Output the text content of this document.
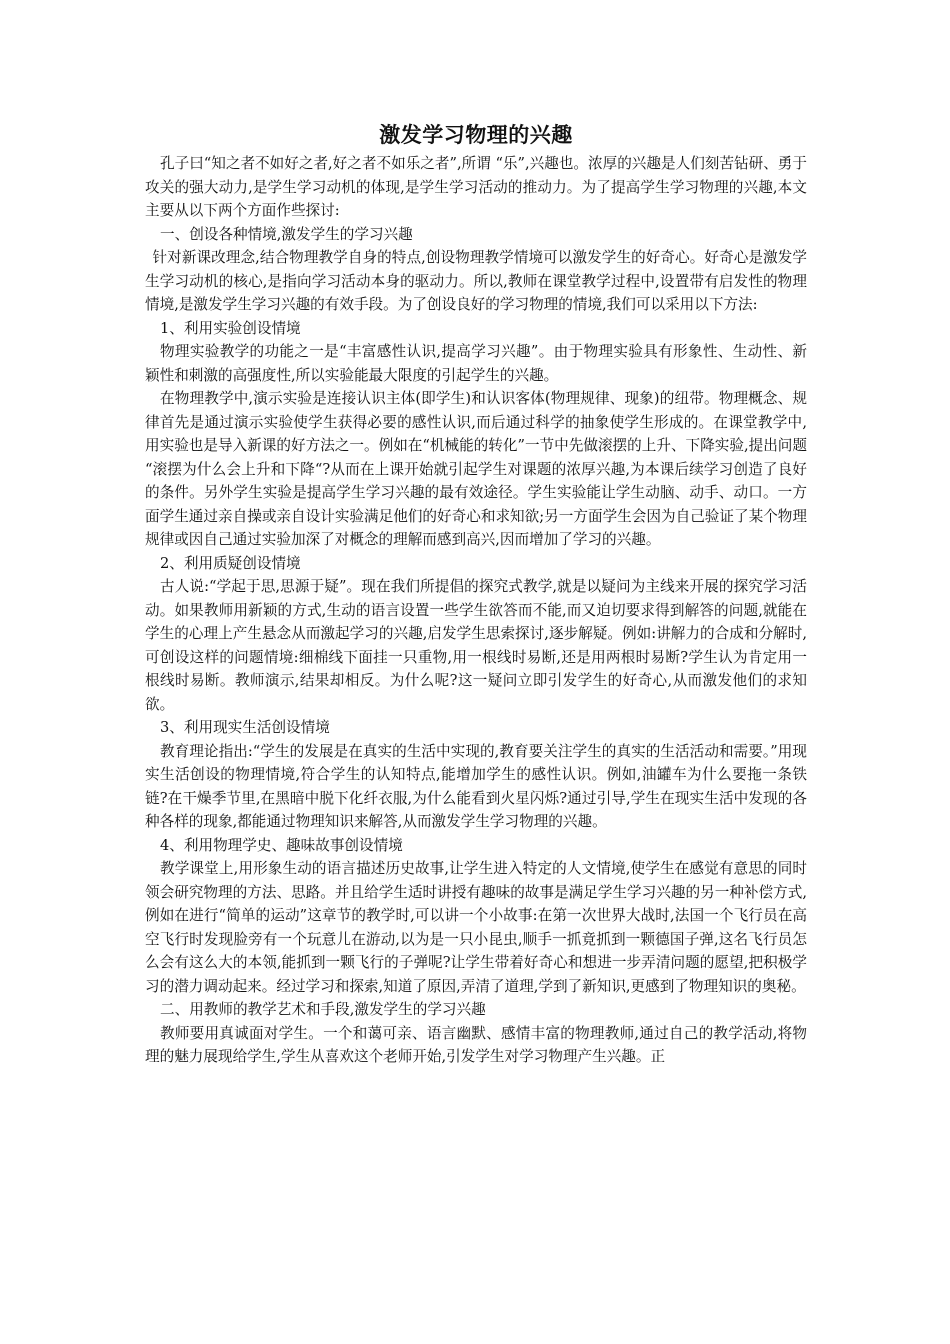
激发学习物理的兴趣

孔子曰“知之者不如好之者,好之者不如乐之者”,所谓 “乐”,兴趣也。浓厚的兴趣是人们刻苦钻研、勇于攻关的强大动力,是学生学习动机的体现,是学生学习活动的推动力。为了提高学生学习物理的兴趣,本文主要从以下两个方面作些探讨:

一、创设各种情境,激发学生的学习兴趣

针对新课改理念,结合物理教学自身的特点,创设物理教学情境可以激发学生的好奇心。好奇心是激发学生学习动机的核心,是指向学习活动本身的驱动力。所以,教师在课堂教学过程中,设置带有启发性的物理情境,是激发学生学习兴趣的有效手段。为了创设良好的学习物理的情境,我们可以采用以下方法:

1、利用实验创设情境

物理实验教学的功能之一是“丰富感性认识,提高学习兴趣”。由于物理实验具有形象性、生动性、新颖性和刺激的高强度性,所以实验能最大限度的引起学生的兴趣。

在物理教学中,演示实验是连接认识主体(即学生)和认识客体(物理规律、现象)的纽带。物理概念、规律首先是通过演示实验使学生获得必要的感性认识,而后通过科学的抽象使学生形成的。在课堂教学中,用实验也是导入新课的好方法之一。例如在“机械能的转化”一节中先做滚摆的上升、下降实验,提出问题 “滚摆为什么会上升和下降“?从而在上课开始就引起学生对课题的浓厚兴趣,为本课后续学习创造了良好的条件。另外学生实验是提高学生学习兴趣的最有效途径。学生实验能让学生动脑、动手、动口。一方面学生通过亲自操或亲自设计实验满足他们的好奇心和求知欲;另一方面学生会因为自己验证了某个物理规律或因自己通过实验加深了对概念的理解而感到高兴,因而增加了学习的兴趣。

2、利用质疑创设情境

古人说:“学起于思,思源于疑”。现在我们所提倡的探究式教学,就是以疑问为主线来开展的探究学习活动。如果教师用新颖的方式,生动的语言设置一些学生欲答而不能,而又迫切要求得到解答的问题,就能在学生的心理上产生悬念从而激起学习的兴趣,启发学生思索探讨,逐步解疑。例如:讲解力的合成和分解时,可创设这样的问题情境:细棉线下面挂一只重物,用一根线时易断,还是用两根时易断?学生认为肯定用一根线时易断。教师演示,结果却相反。为什么呢?这一疑问立即引发学生的好奇心,从而激发他们的求知欲。

3、利用现实生活创设情境

教育理论指出:“学生的发展是在真实的生活中实现的,教育要关注学生的真实的生活活动和需要。”用现实生活创设的物理情境,符合学生的认知特点,能增加学生的感性认识。例如,油罐车为什么要拖一条铁链?在干燥季节里,在黑暗中脱下化纤衣服,为什么能看到火星闪烁?通过引导,学生在现实生活中发现的各种各样的现象,都能通过物理知识来解答,从而激发学生学习物理的兴趣。

4、利用物理学史、趣味故事创设情境

教学课堂上,用形象生动的语言描述历史故事,让学生进入特定的人文情境,使学生在感觉有意思的同时领会研究物理的方法、思路。并且给学生适时讲授有趣味的故事是满足学生学习兴趣的另一种补偿方式, 例如在进行“简单的运动”这章节的教学时,可以讲一个小故事:在第一次世界大战时,法国一个飞行员在高空飞行时发现脸旁有一个玩意儿在游动,以为是一只小昆虫,顺手一抓竟抓到一颗德国子弹,这名飞行员怎么会有这么大的本领,能抓到一颗飞行的子弹呢?让学生带着好奇心和想进一步弄清问题的愿望,把积极学习的潜力调动起来。经过学习和探索,知道了原因,弄清了道理,学到了新知识,更感到了物理知识的奥秘。

二、用教师的教学艺术和手段,激发学生的学习兴趣

教师要用真诚面对学生。一个和蔼可亲、语言幽默、感情丰富的物理教师,通过自己的教学活动,将物理的魅力展现给学生,学生从喜欢这个老师开始,引发学生对学习物理产生兴趣。正
